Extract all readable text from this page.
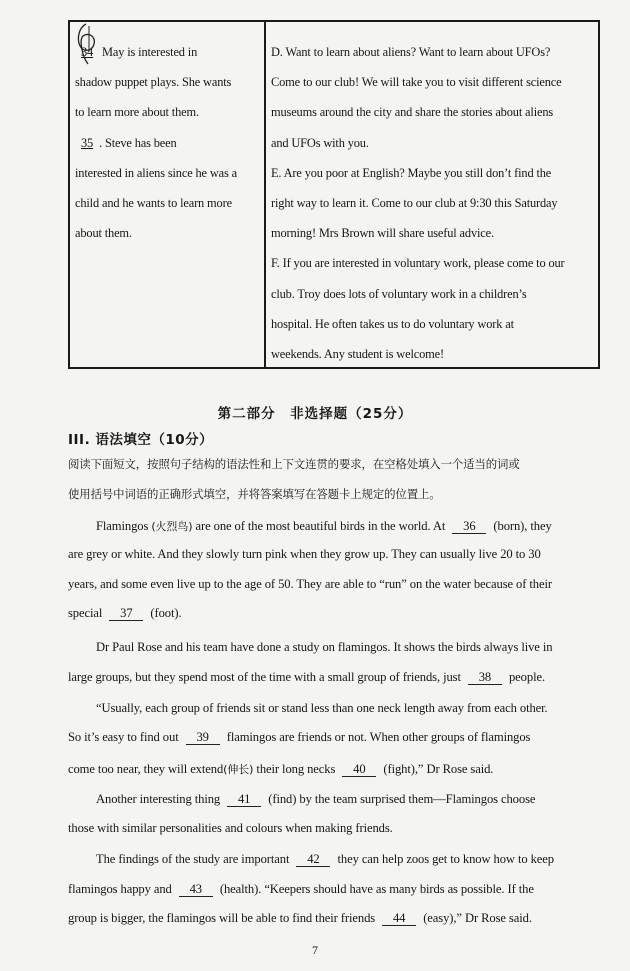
34 May is interested in
shadow puppet plays. She wants
to learn more about them.
35 . Steve has been
interested in aliens since he was a
child and he wants to learn more
about them.
D. Want to learn about aliens? Want to learn about UFOs?
Come to our club! We will take you to visit different science
museums around the city and share the stories about aliens
and UFOs with you.
E. Are you poor at English? Maybe you still don’t find the
right way to learn it. Come to our club at 9:30 this Saturday
morning! Mrs Brown will share useful advice.
F. If you are interested in voluntary work, please come to our
club. Troy does lots of voluntary work in a children’s
hospital. He often takes us to do voluntary work at
weekends. Any student is welcome!
第二部分　非选择题（25分）
III. 语法填空（10分）
阅读下面短文，按照句子结构的语法性和上下文连贯的要求，在空格处填入一个适当的词或
使用括号中词语的正确形式填空，并将答案填写在答题卡上规定的位置上。
Flamingos (火烈鸟) are one of the most beautiful birds in the world. At 36 (born), they
are grey or white. And they slowly turn pink when they grow up. They can usually live 20 to 30
years, and some even live up to the age of 50. They are able to “run” on the water because of their
special 37 (foot).
Dr Paul Rose and his team have done a study on flamingos. It shows the birds always live in
large groups, but they spend most of the time with a small group of friends, just 38 people.
“Usually, each group of friends sit or stand less than one neck length away from each other.
So it’s easy to find out 39 flamingos are friends or not. When other groups of flamingos
come too near, they will extend(伸长) their long necks 40 (fight),” Dr Rose said.
Another interesting thing 41 (find) by the team surprised them—Flamingos choose
those with similar personalities and colours when making friends.
The findings of the study are important 42 they can help zoos get to know how to keep
flamingos happy and 43 (health). “Keepers should have as many birds as possible. If the
group is bigger, the flamingos will be able to find their friends 44 (easy),” Dr Rose said.
7
